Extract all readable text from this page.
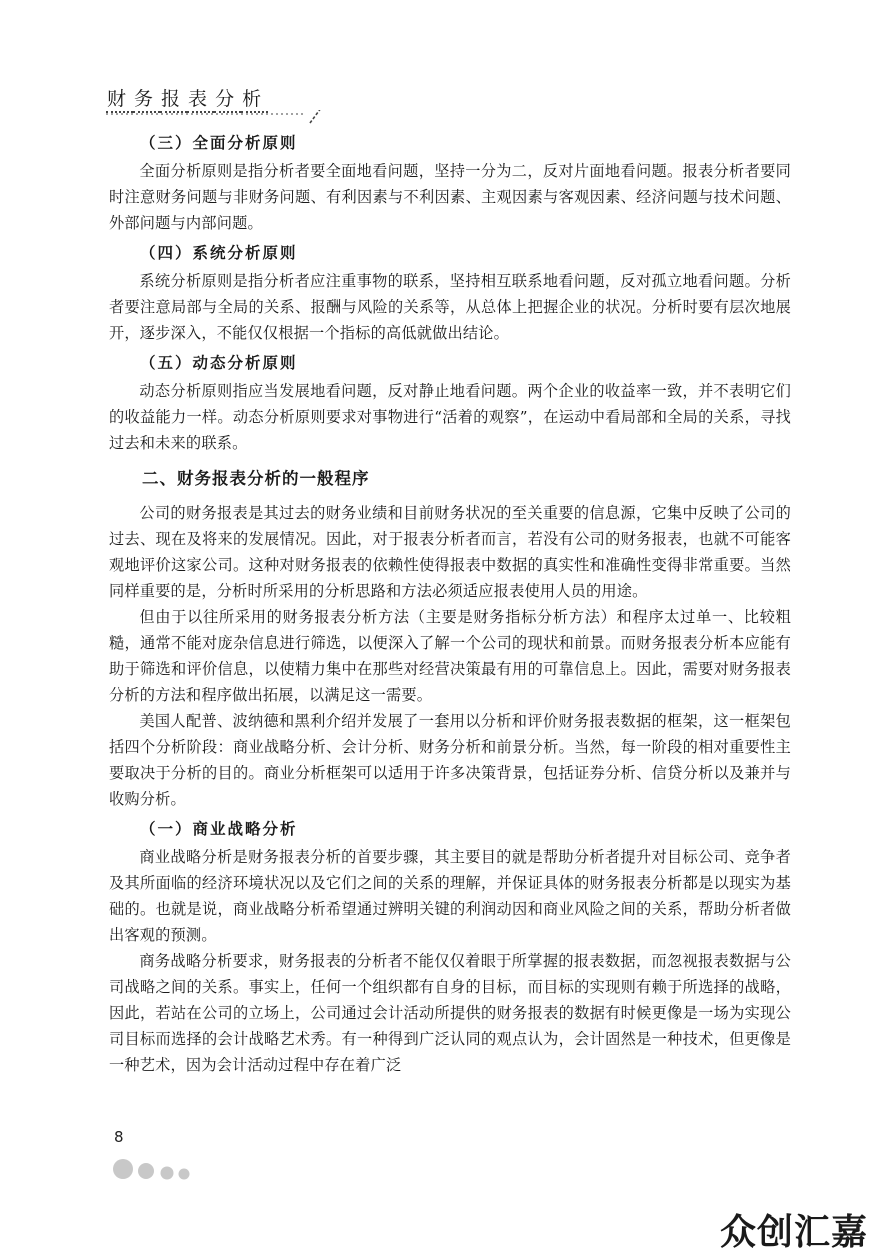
财 务 报 表 分 析
（三）全面分析原则

全面分析原则是指分析者要全面地看问题，坚持一分为二，反对片面地看问题。报表分析者要同时注意财务问题与非财务问题、有利因素与不利因素、主观因素与客观因素、经济问题与技术问题、外部问题与内部问题。

（四）系统分析原则

系统分析原则是指分析者应注重事物的联系，坚持相互联系地看问题，反对孤立地看问题。分析者要注意局部与全局的关系、报酬与风险的关系等，从总体上把握企业的状况。分析时要有层次地展开，逐步深入，不能仅仅根据一个指标的高低就做出结论。

（五）动态分析原则

动态分析原则指应当发展地看问题，反对静止地看问题。两个企业的收益率一致，并不表明它们的收益能力一样。动态分析原则要求对事物进行“活着的观察”，在运动中看局部和全局的关系，寻找过去和未来的联系。

二、财务报表分析的一般程序

公司的财务报表是其过去的财务业绩和目前财务状况的至关重要的信息源，它集中反映了公司的过去、现在及将来的发展情况。因此，对于报表分析者而言，若没有公司的财务报表，也就不可能客观地评价这家公司。这种对财务报表的依赖性使得报表中数据的真实性和准确性变得非常重要。当然同样重要的是，分析时所采用的分析思路和方法必须适应报表使用人员的用途。

但由于以往所采用的财务报表分析方法（主要是财务指标分析方法）和程序太过单一、比较粗糙，通常不能对庞杂信息进行筛选，以便深入了解一个公司的现状和前景。而财务报表分析本应能有助于筛选和评价信息，以使精力集中在那些对经营决策最有用的可靠信息上。因此，需要对财务报表分析的方法和程序做出拓展，以满足这一需要。

美国人配普、波纳德和黑利介绍并发展了一套用以分析和评价财务报表数据的框架，这一框架包括四个分析阶段：商业战略分析、会计分析、财务分析和前景分析。当然，每一阶段的相对重要性主要取决于分析的目的。商业分析框架可以适用于许多决策背景，包括证券分析、信贷分析以及兼并与收购分析。

（一）商业战略分析

商业战略分析是财务报表分析的首要步骤，其主要目的就是帮助分析者提升对目标公司、竞争者及其所面临的经济环境状况以及它们之间的关系的理解，并保证具体的财务报表分析都是以现实为基础的。也就是说，商业战略分析希望通过辨明关键的利润动因和商业风险之间的关系，帮助分析者做出客观的预测。

商务战略分析要求，财务报表的分析者不能仅仅着眼于所掌握的报表数据，而忽视报表数据与公司战略之间的关系。事实上，任何一个组织都有自身的目标，而目标的实现则有赖于所选择的战略，因此，若站在公司的立场上，公司通过会计活动所提供的财务报表的数据有时候更像是一场为实现公司目标而选择的会计战略艺术秀。有一种得到广泛认同的观点认为，会计固然是一种技术，但更像是一种艺术，因为会计活动过程中存在着广泛

8
众创汇嘉
